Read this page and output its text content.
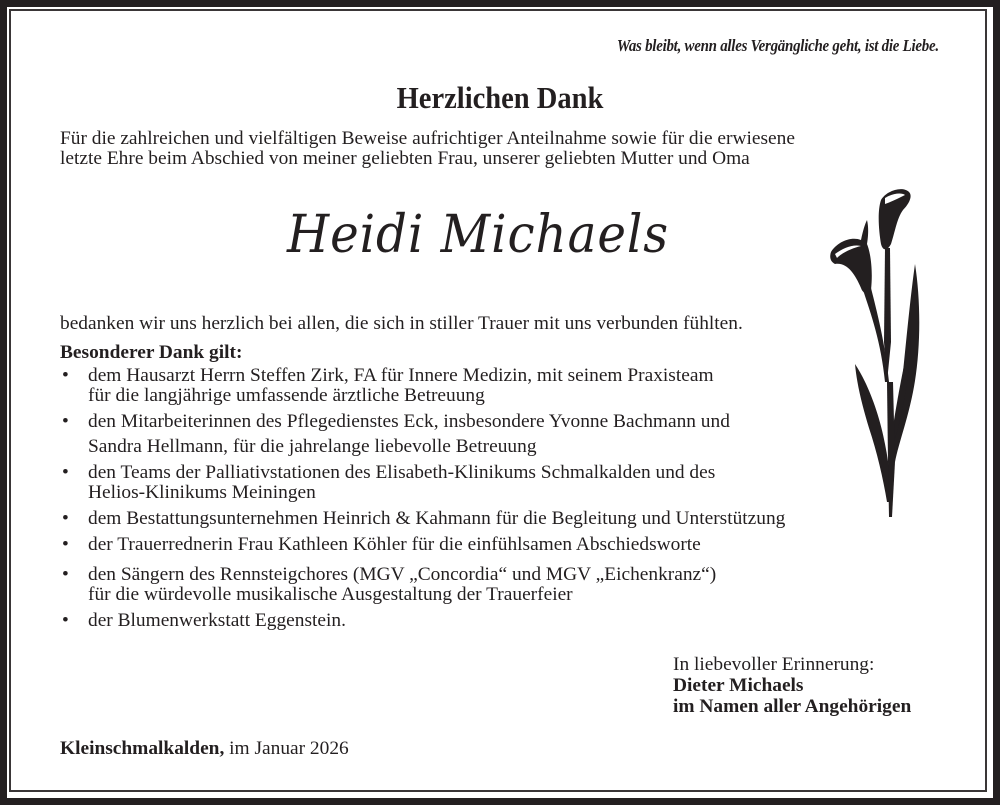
Was bleibt, wenn alles Vergängliche geht, ist die Liebe.
Herzlichen Dank
Für die zahlreichen und vielfältigen Beweise aufrichtiger Anteilnahme sowie für die erwiesene
letzte Ehre beim Abschied von meiner geliebten Frau, unserer geliebten Mutter und Oma
Heidi Michaels
bedanken wir uns herzlich bei allen, die sich in stiller Trauer mit uns verbunden fühlten.
Besonderer Dank gilt:
• dem Hausarzt Herrn Steffen Zirk, FA für Innere Medizin, mit seinem Praxisteam
für die langjährige umfassende ärztliche Betreuung
• den Mitarbeiterinnen des Pflegedienstes Eck, insbesondere Yvonne Bachmann und
Sandra Hellmann, für die jahrelange liebevolle Betreuung
• den Teams der Palliativstationen des Elisabeth-Klinikums Schmalkalden und des
Helios-Klinikums Meiningen
• dem Bestattungsunternehmen Heinrich & Kahmann für die Begleitung und Unterstützung
• der Trauerrednerin Frau Kathleen Köhler für die einfühlsamen Abschiedsworte
• den Sängern des Rennsteigchores (MGV „Concordia“ und MGV „Eichenkranz“)
für die würdevolle musikalische Ausgestaltung der Trauerfeier
• der Blumenwerkstatt Eggenstein.
In liebevoller Erinnerung:
Dieter Michaels
im Namen aller Angehörigen
Kleinschmalkalden, im Januar 2026
